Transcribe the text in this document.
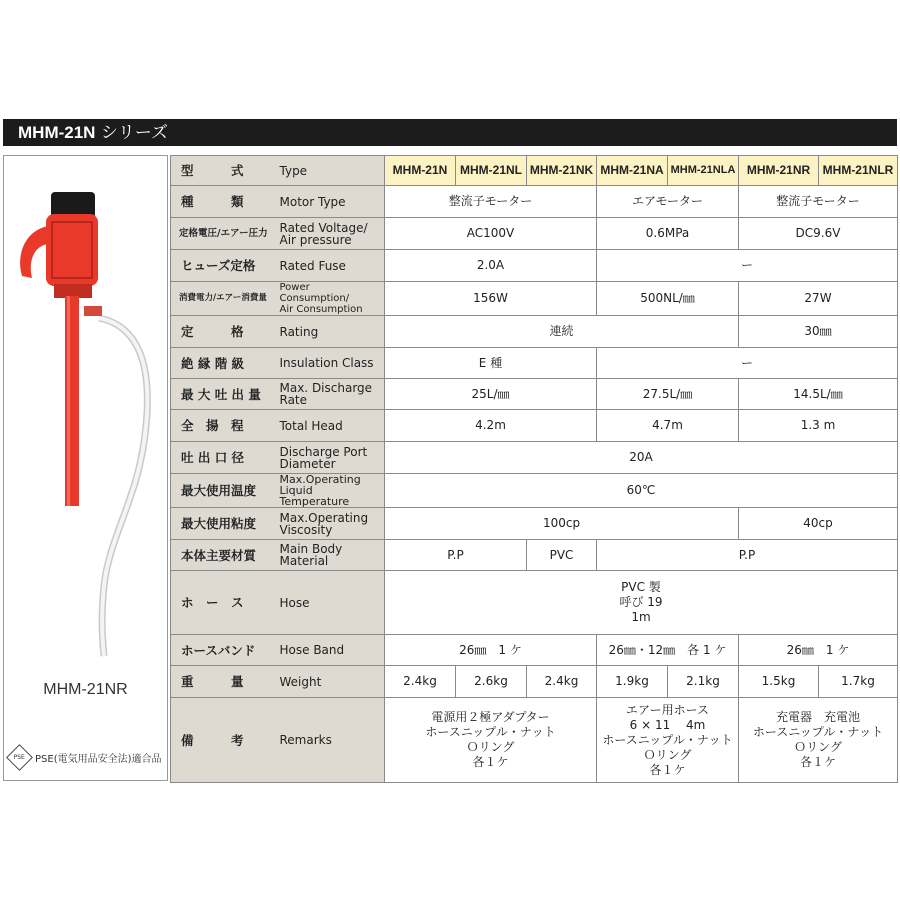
MHM-21N シリーズ
MHM-21NR
PSE PSE(電気用品安全法)適合品
型　　　式	Type	MHM-21N	MHM-21NL	MHM-21NK	MHM-21NA	MHM-21NLA	MHM-21NR	MHM-21NLR
種　　　類	Motor Type	整流子モーター			エアモーター		整流子モーター	
定格電圧/エアー圧力	Rated Voltage/
Air pressure	AC100V			0.6MPa		DC9.6V	
ヒューズ定格	Rated Fuse	2.0A			ー			
消費電力/エアー消費量	Power Consumption/
Air Consumption	156W			500NL/㎜		27W	
定　　　格	Rating	連続					30㎜	
絶 縁 階 級	Insulation Class	E 種			ー			
最 大 吐 出 量	Max. Discharge
Rate	25L/㎜			27.5L/㎜		14.5L/㎜	
全　揚　程	Total Head	4.2m			4.7m		1.3 m	
吐 出 口 径	Discharge Port
Diameter	20A						
最大使用温度	Max.Operating
Liquid Temperature	60℃						
最大使用粘度	Max.Operating
Viscosity	100cp					40cp	
本体主要材質	Main Body
Material	P.P		PVC	P.P			
ホ　ー　ス	Hose	PVC 製
呼び 19
1m						
ホースバンド	Hose Band	26㎜　1 ケ			26㎜・12㎜　各 1 ケ		26㎜　1 ケ	
重　　　量	Weight	2.4kg	2.6kg	2.4kg	1.9kg	2.1kg	1.5kg	1.7kg
備　　　考	Remarks	電源用２極アダプター
ホースニップル・ナット
Ｏリング
各１ケ			エアー用ホース
6 × 11　 4m
ホースニップル・ナット
Ｏリング
各１ケ		充電器　充電池
ホースニップル・ナット
Ｏリング
各１ケ	
